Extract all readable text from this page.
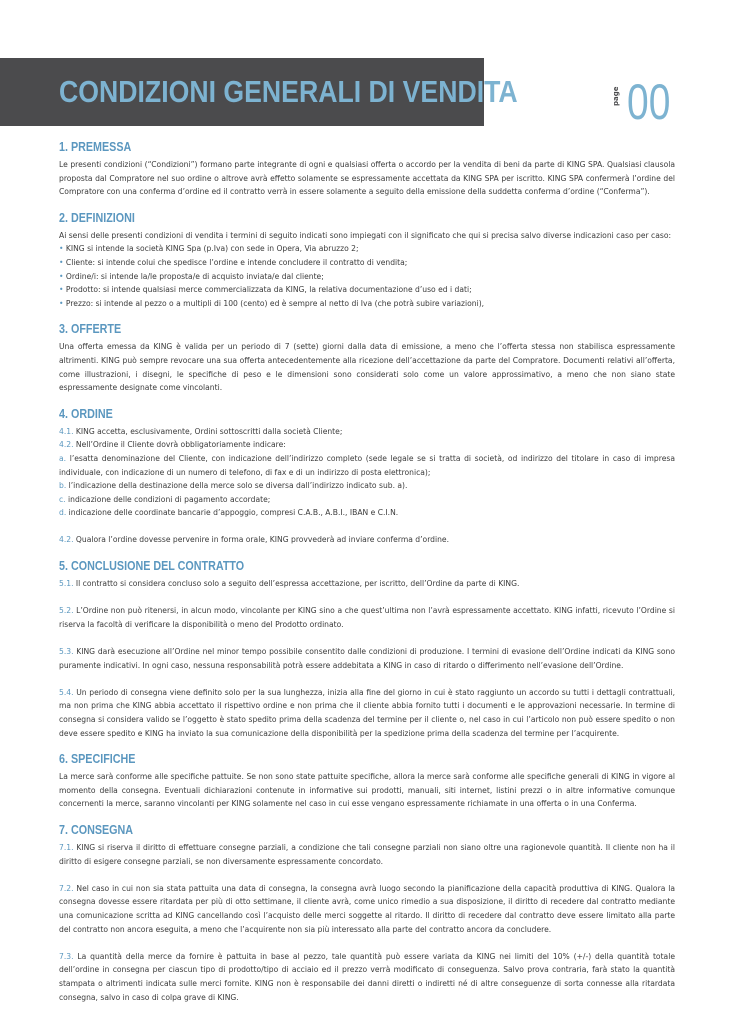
CONDIZIONI GENERALI DI VENDITA	page 00
1. PREMESSA

Le presenti condizioni (“Condizioni”) formano parte integrante di ogni e qualsiasi offerta o accordo per la vendita di beni da parte di KING SPA. Qualsiasi clausola proposta dal Compratore nel suo ordine o altrove avrà effetto solamente se espressamente accettata da KING SPA per iscritto. KING SPA confermerà l’ordine del Compratore con una conferma d’ordine ed il contratto verrà in essere solamente a seguito della emissione della suddetta conferma d’ordine (“Conferma”).

2. DEFINIZIONI

Ai sensi delle presenti condizioni di vendita i termini di seguito indicati sono impiegati con il significato che qui si precisa salvo diverse indicazioni caso per caso:

• KING si intende la società KING Spa (p.Iva) con sede in Opera, Via abruzzo 2;

• Cliente: si intende colui che spedisce l’ordine e intende concludere il contratto di vendita;

• Ordine/i: si intende la/le proposta/e di acquisto inviata/e dal cliente;

• Prodotto: si intende qualsiasi merce commercializzata da KING, la relativa documentazione d’uso ed i dati;

• Prezzo: si intende al pezzo o a multipli di 100 (cento) ed è sempre al netto di Iva (che potrà subire variazioni),

3. OFFERTE

Una offerta emessa da KING è valida per un periodo di 7 (sette) giorni dalla data di emissione, a meno che l’offerta stessa non stabilisca espressamente altrimenti. KING può sempre revocare una sua offerta antecedentemente alla ricezione dell’accettazione da parte del Compratore. Documenti relativi all’offerta, come illustrazioni, i disegni, le specifiche di peso e le dimensioni sono considerati solo come un valore approssimativo, a meno che non siano state espressamente designate come vincolanti.

4. ORDINE

4.1. KING accetta, esclusivamente, Ordini sottoscritti dalla società Cliente;

4.2. Nell’Ordine il Cliente dovrà obbligatoriamente indicare:

a. l’esatta denominazione del Cliente, con indicazione dell’indirizzo completo (sede legale se si tratta di società, od indirizzo del titolare in caso di impresa individuale, con indicazione di un numero di telefono, di fax e di un indirizzo di posta elettronica);

b. l’indicazione della destinazione della merce solo se diversa dall’indirizzo indicato sub. a).

c. indicazione delle condizioni di pagamento accordate;

d. indicazione delle coordinate bancarie d’appoggio, compresi C.A.B., A.B.I., IBAN e C.I.N.

4.2. Qualora l’ordine dovesse pervenire in forma orale, KING provvederà ad inviare conferma d’ordine.

5. CONCLUSIONE DEL CONTRATTO

5.1. Il contratto si considera concluso solo a seguito dell’espressa accettazione, per iscritto, dell’Ordine da parte di KING.

5.2. L’Ordine non può ritenersi, in alcun modo, vincolante per KING sino a che quest’ultima non l’avrà espressamente accettato. KING infatti, ricevuto l’Ordine si riserva la facoltà di verificare la disponibilità o meno del Prodotto ordinato.

5.3. KING darà esecuzione all’Ordine nel minor tempo possibile consentito dalle condizioni di produzione. I termini di evasione dell’Ordine indicati da KING sono puramente indicativi. In ogni caso, nessuna responsabilità potrà essere addebitata a KING in caso di ritardo o differimento nell’evasione dell’Ordine.

5.4. Un periodo di consegna viene definito solo per la sua lunghezza, inizia alla fine del giorno in cui è stato raggiunto un accordo su tutti i dettagli contrattuali, ma non prima che KING abbia accettato il rispettivo ordine e non prima che il cliente abbia fornito tutti i documenti e le approvazioni necessarie. In termine di consegna si considera valido se l’oggetto è stato spedito prima della scadenza del termine per il cliente o, nel caso in cui l’articolo non può essere spedito o non deve essere spedito e KING ha inviato la sua comunicazione della disponibilità per la spedizione prima della scadenza del termine per l’acquirente.

6. SPECIFICHE

La merce sarà conforme alle specifiche pattuite. Se non sono state pattuite specifiche, allora la merce sarà conforme alle specifiche generali di KING in vigore al momento della consegna. Eventuali dichiarazioni contenute in informative sui prodotti, manuali, siti internet, listini prezzi o in altre informative comunque concernenti la merce, saranno vincolanti per KING solamente nel caso in cui esse vengano espressamente richiamate in una offerta o in una Conferma.

7. CONSEGNA

7.1. KING si riserva il diritto di effettuare consegne parziali, a condizione che tali consegne parziali non siano oltre una ragionevole quantità. Il cliente non ha il diritto di esigere consegne parziali, se non diversamente espressamente concordato.

7.2. Nel caso in cui non sia stata pattuita una data di consegna, la consegna avrà luogo secondo la pianificazione della capacità produttiva di KING. Qualora la consegna dovesse essere ritardata per più di otto settimane, il cliente avrà, come unico rimedio a sua disposizione, il diritto di recedere dal contratto mediante una comunicazione scritta ad KING cancellando così l’acquisto delle merci soggette al ritardo. Il diritto di recedere dal contratto deve essere limitato alla parte del contratto non ancora eseguita, a meno che l’acquirente non sia più interessato alla parte del contratto ancora da concludere.

7.3. La quantità della merce da fornire è pattuita in base al pezzo, tale quantità può essere variata da KING nei limiti del 10% (+/-) della quantità totale dell’ordine in consegna per ciascun tipo di prodotto/tipo di acciaio ed il prezzo verrà modificato di conseguenza. Salvo prova contraria, farà stato la quantità stampata o altrimenti indicata sulle merci fornite. KING non è responsabile dei danni diretti o indiretti né di altre conseguenze di sorta connesse alla ritardata consegna, salvo in caso di colpa grave di KING.
